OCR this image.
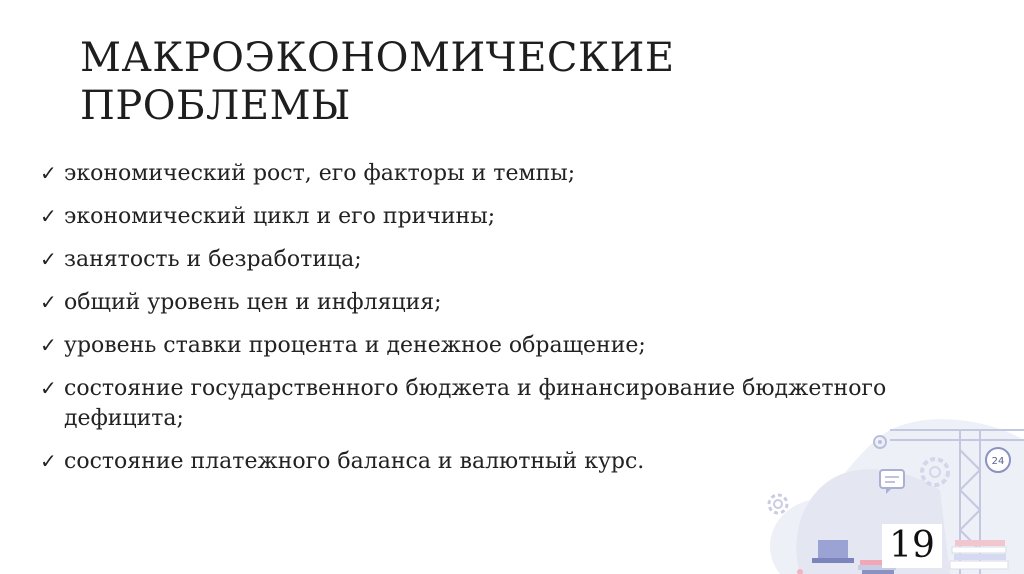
МАКРОЭКОНОМИЧЕСКИЕ
ПРОБЛЕМЫ
✓ экономический рост, его факторы и темпы;
✓ экономический цикл и его причины;
✓ занятость и безработица;
✓ общий уровень цен и инфляция;
✓ уровень ставки процента и денежное обращение;
✓ состояние государственного бюджета и финансирование бюджетного дефицита;
✓ состояние платежного баланса и валютный курс.	24
19
